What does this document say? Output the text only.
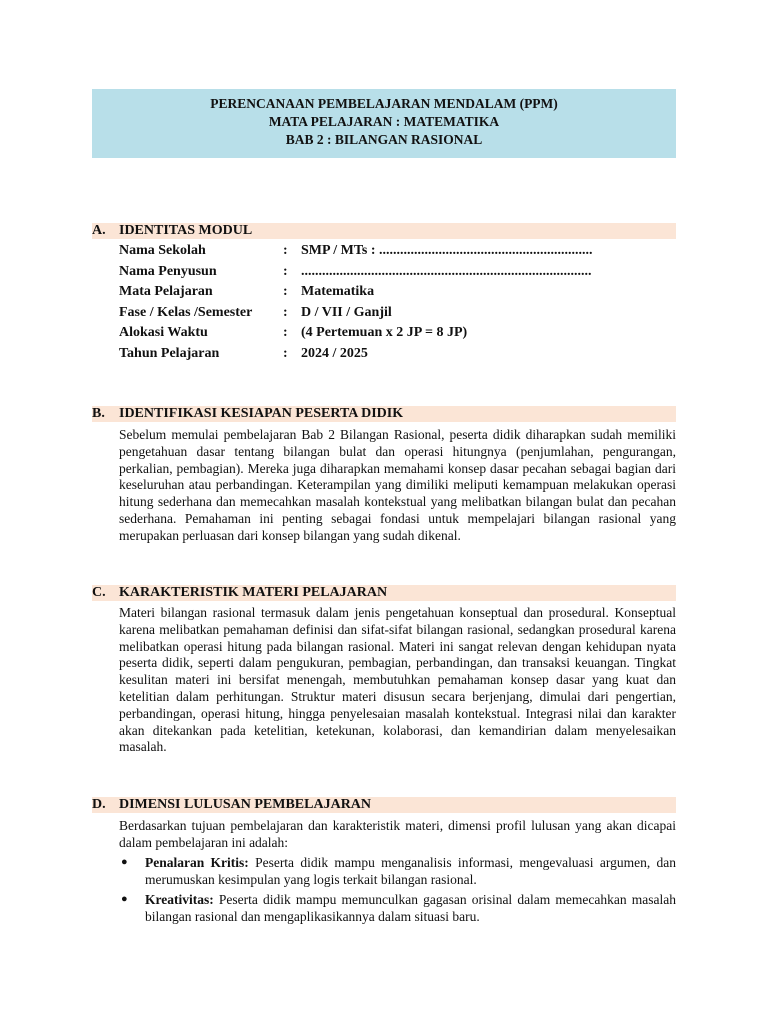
PERENCANAAN PEMBELAJARAN MENDALAM (PPM)
MATA PELAJARAN : MATEMATIKA
BAB 2 : BILANGAN RASIONAL
A. IDENTITAS MODUL
Nama Sekolah	: SMP / MTs : .............................................................
Nama Penyusun	: ...................................................................................
Mata Pelajaran	: Matematika
Fase / Kelas /Semester : D / VII / Ganjil
Alokasi Waktu	: (4 Pertemuan x 2 JP = 8 JP)
Tahun Pelajaran	: 2024 / 2025
B. IDENTIFIKASI KESIAPAN PESERTA DIDIK

Sebelum memulai pembelajaran Bab 2 Bilangan Rasional, peserta didik diharapkan sudah memiliki pengetahuan dasar tentang bilangan bulat dan operasi hitungnya (penjumlahan, pengurangan, perkalian, pembagian). Mereka juga diharapkan memahami konsep dasar pecahan sebagai bagian dari keseluruhan atau perbandingan. Keterampilan yang dimiliki meliputi kemampuan melakukan operasi hitung sederhana dan memecahkan masalah kontekstual yang melibatkan bilangan bulat dan pecahan sederhana. Pemahaman ini penting sebagai fondasi untuk mempelajari bilangan rasional yang merupakan perluasan dari konsep bilangan yang sudah dikenal.

C. KARAKTERISTIK MATERI PELAJARAN

Materi bilangan rasional termasuk dalam jenis pengetahuan konseptual dan prosedural. Konseptual karena melibatkan pemahaman definisi dan sifat-sifat bilangan rasional, sedangkan prosedural karena melibatkan operasi hitung pada bilangan rasional. Materi ini sangat relevan dengan kehidupan nyata peserta didik, seperti dalam pengukuran, pembagian, perbandingan, dan transaksi keuangan. Tingkat kesulitan materi ini bersifat menengah, membutuhkan pemahaman konsep dasar yang kuat dan ketelitian dalam perhitungan. Struktur materi disusun secara berjenjang, dimulai dari pengertian, perbandingan, operasi hitung, hingga penyelesaian masalah kontekstual. Integrasi nilai dan karakter akan ditekankan pada ketelitian, ketekunan, kolaborasi, dan kemandirian dalam menyelesaikan masalah.

D. DIMENSI LULUSAN PEMBELAJARAN

Berdasarkan tujuan pembelajaran dan karakteristik materi, dimensi profil lulusan yang akan dicapai dalam pembelajaran ini adalah:

● Penalaran Kritis: Peserta didik mampu menganalisis informasi, mengevaluasi argumen, dan merumuskan kesimpulan yang logis terkait bilangan rasional.
● Kreativitas: Peserta didik mampu memunculkan gagasan orisinal dalam memecahkan masalah bilangan rasional dan mengaplikasikannya dalam situasi baru.
